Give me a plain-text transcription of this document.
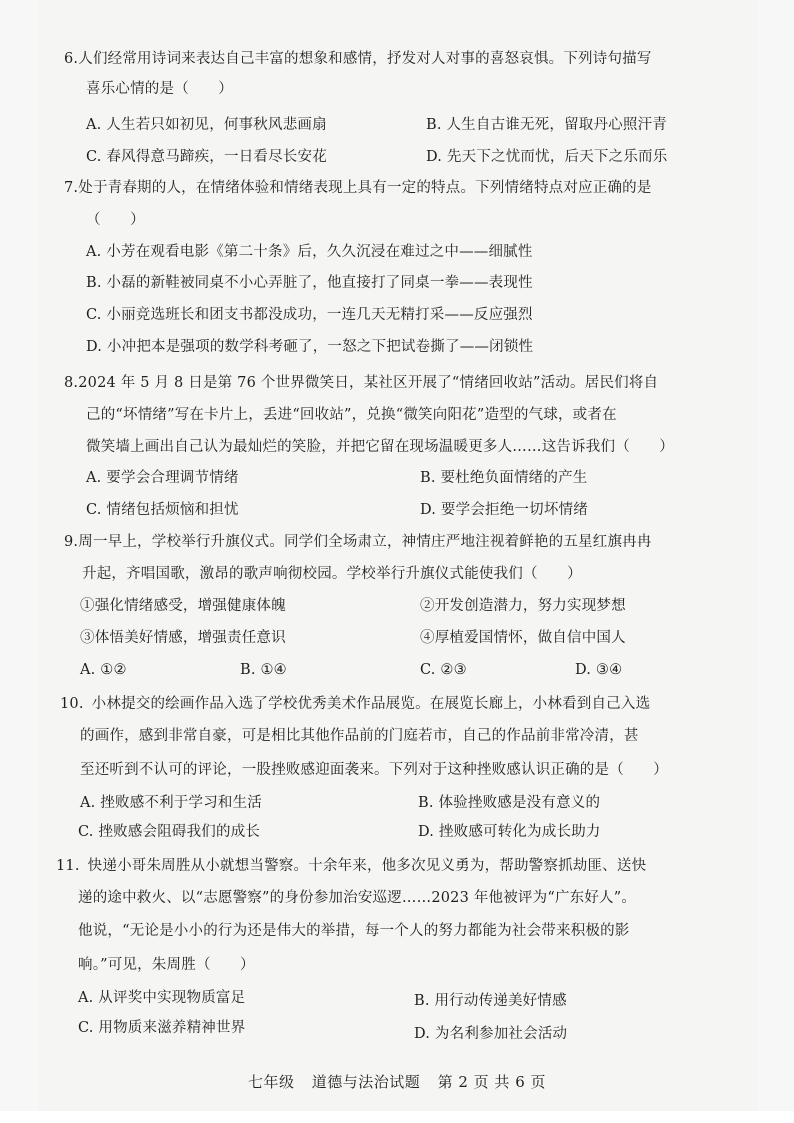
6.人们经常用诗词来表达自己丰富的想象和感情，抒发对人对事的喜怒哀惧。下列诗句描写
喜乐心情的是（　　）
A. 人生若只如初见，何事秋风悲画扇	B. 人生自古谁无死，留取丹心照汗青
C. 春风得意马蹄疾，一日看尽长安花	D. 先天下之忧而忧，后天下之乐而乐
7.处于青春期的人，在情绪体验和情绪表现上具有一定的特点。下列情绪特点对应正确的是
（　　）
A. 小芳在观看电影《第二十条》后，久久沉浸在难过之中——细腻性
B. 小磊的新鞋被同桌不小心弄脏了，他直接打了同桌一拳——表现性
C. 小丽竞选班长和团支书都没成功，一连几天无精打采——反应强烈
D. 小冲把本是强项的数学科考砸了，一怒之下把试卷撕了——闭锁性
8.2024 年 5 月 8 日是第 76 个世界微笑日，某社区开展了“情绪回收站”活动。居民们将自
己的“坏情绪”写在卡片上，丢进“回收站”，兑换“微笑向阳花”造型的气球，或者在
微笑墙上画出自己认为最灿烂的笑脸，并把它留在现场温暖更多人……这告诉我们（　　）
A. 要学会合理调节情绪	B. 要杜绝负面情绪的产生
C. 情绪包括烦恼和担忧	D. 要学会拒绝一切坏情绪
9.周一早上，学校举行升旗仪式。同学们全场肃立，神情庄严地注视着鲜艳的五星红旗冉冉
升起，齐唱国歌，激昂的歌声响彻校园。学校举行升旗仪式能使我们（　　）
①强化情绪感受，增强健康体魄	②开发创造潜力，努力实现梦想
③体悟美好情感，增强责任意识	④厚植爱国情怀，做自信中国人
A. ①②	B. ①④	C. ②③	D. ③④
10. 小林提交的绘画作品入选了学校优秀美术作品展览。在展览长廊上，小林看到自己入选
的画作，感到非常自豪，可是相比其他作品前的门庭若市，自己的作品前非常冷清，甚
至还听到不认可的评论，一股挫败感迎面袭来。下列对于这种挫败感认识正确的是（　　）
A. 挫败感不利于学习和生活	B. 体验挫败感是没有意义的
C. 挫败感会阻碍我们的成长	D. 挫败感可转化为成长助力
11. 快递小哥朱周胜从小就想当警察。十余年来，他多次见义勇为，帮助警察抓劫匪、送快
递的途中救火、以“志愿警察”的身份参加治安巡逻……2023 年他被评为“广东好人”。
他说，“无论是小小的行为还是伟大的举措，每一个人的努力都能为社会带来积极的影
响。”可见，朱周胜（　　）
A. 从评奖中实现物质富足	B. 用行动传递美好情感
C. 用物质来滋养精神世界	D. 为名利参加社会活动
七年级 道德与法治试题 第 2 页 共 6 页
